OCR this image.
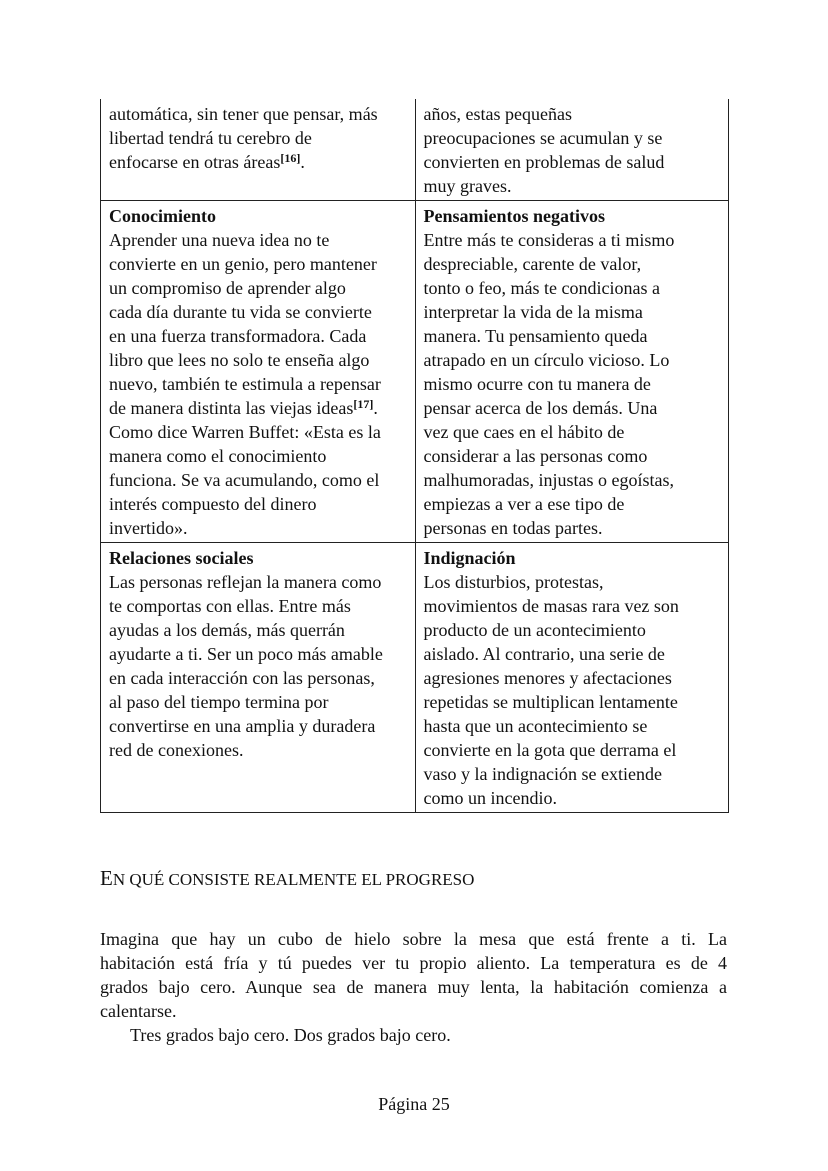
automática, sin tener que pensar, más
libertad tendrá tu cerebro de
enfocarse en otras áreas[16].
años, estas pequeñas
preocupaciones se acumulan y se
convierten en problemas de salud
muy graves.
Conocimiento
Aprender una nueva idea no te
convierte en un genio, pero mantener
un compromiso de aprender algo
cada día durante tu vida se convierte
en una fuerza transformadora. Cada
libro que lees no solo te enseña algo
nuevo, también te estimula a repensar
de manera distinta las viejas ideas[17].
Como dice Warren Buffet: «Esta es la
manera como el conocimiento
funciona. Se va acumulando, como el
interés compuesto del dinero
invertido».
Pensamientos negativos
Entre más te consideras a ti mismo
despreciable, carente de valor,
tonto o feo, más te condicionas a
interpretar la vida de la misma
manera. Tu pensamiento queda
atrapado en un círculo vicioso. Lo
mismo ocurre con tu manera de
pensar acerca de los demás. Una
vez que caes en el hábito de
considerar a las personas como
malhumoradas, injustas o egoístas,
empiezas a ver a ese tipo de
personas en todas partes.
Relaciones sociales
Las personas reflejan la manera como
te comportas con ellas. Entre más
ayudas a los demás, más querrán
ayudarte a ti. Ser un poco más amable
en cada interacción con las personas,
al paso del tiempo termina por
convertirse en una amplia y duradera
red de conexiones.
Indignación
Los disturbios, protestas,
movimientos de masas rara vez son
producto de un acontecimiento
aislado. Al contrario, una serie de
agresiones menores y afectaciones
repetidas se multiplican lentamente
hasta que un acontecimiento se
convierte en la gota que derrama el
vaso y la indignación se extiende
como un incendio.
EN QUÉ CONSISTE REALMENTE EL PROGRESO
Imagina que hay un cubo de hielo sobre la mesa que está frente a ti. La
habitación está fría y tú puedes ver tu propio aliento. La temperatura es de 4
grados bajo cero. Aunque sea de manera muy lenta, la habitación comienza a
calentarse.
Tres grados bajo cero. Dos grados bajo cero.
Página 25
